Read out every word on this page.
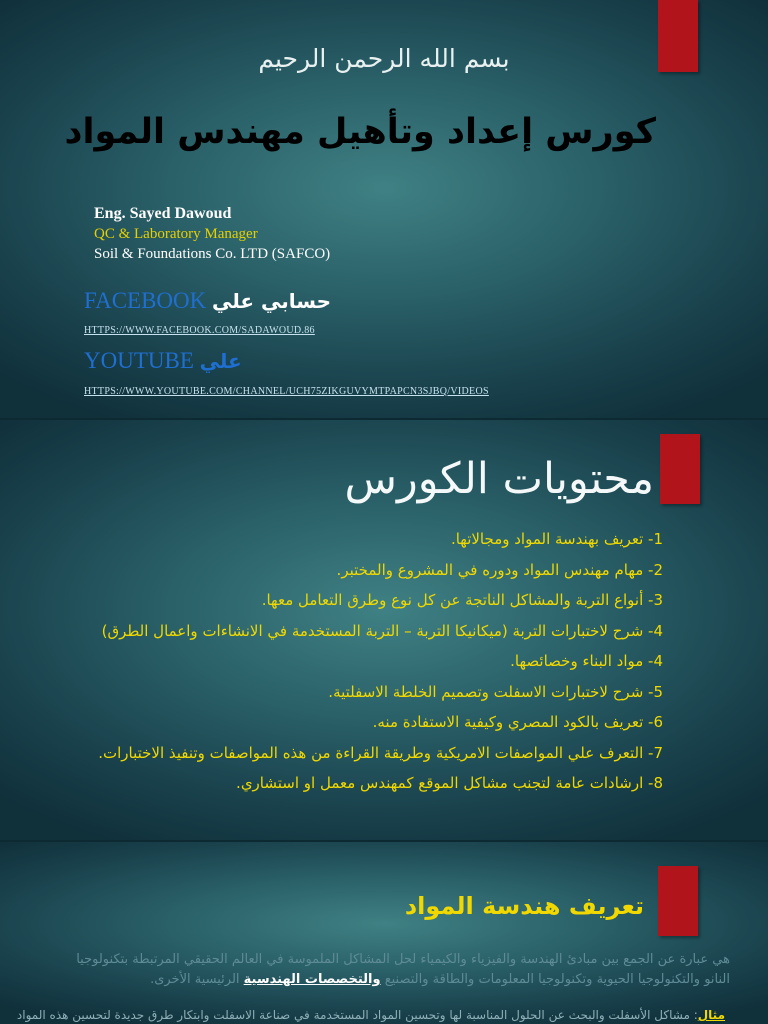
بسم الله الرحمن الرحيم
كورس إعداد وتأهيل مهندس المواد
Eng. Sayed Dawoud
QC & Laboratory Manager
Soil & Foundations Co. LTD (SAFCO)
FACEBOOK حسابي علي
HTTPS://WWW.FACEBOOK.COM/SADAWOUD.86
YOUTUBE علي
HTTPS://WWW.YOUTUBE.COM/CHANNEL/UCH75ZIKGUVYMTPAPCN3SJBQ/VIDEOS
محتويات الكورس
1- تعريف بهندسة المواد ومجالاتها.
2- مهام مهندس المواد ودوره في المشروع والمختبر.
3- أنواع التربة والمشاكل الناتجة عن كل نوع وطرق التعامل معها.
4- شرح لاختبارات التربة (ميكانيكا التربة – التربة المستخدمة في الانشاءات واعمال الطرق)
4- مواد البناء وخصائصها.
5- شرح لاختبارات الاسفلت وتصميم الخلطة الاسفلتية.
6- تعريف بالكود المصري وكيفية الاستفادة منه.
7- التعرف علي المواصفات الامريكية وطريقة القراءة من هذه المواصفات وتنفيذ الاختبارات.
8- ارشادات عامة لتجنب مشاكل الموقع كمهندس معمل او استشاري.
تعريف هندسة المواد
هي عبارة عن الجمع بين مبادئ الهندسة والفيزياء والكيمياء لحل المشاكل الملموسة في العالم الحقيقي المرتبطة بتكنولوجيا النانو والتكنولوجيا الحيوية وتكنولوجيا المعلومات والطاقة والتصنيع والتخصصات الهندسية الرئيسية الأخرى.
مثال: مشاكل الأسفلت والبحث عن الحلول المناسبة لها وتحسين المواد المستخدمة في صناعة الاسفلت وابتكار طرق جديدة لتحسين هذه المواد
